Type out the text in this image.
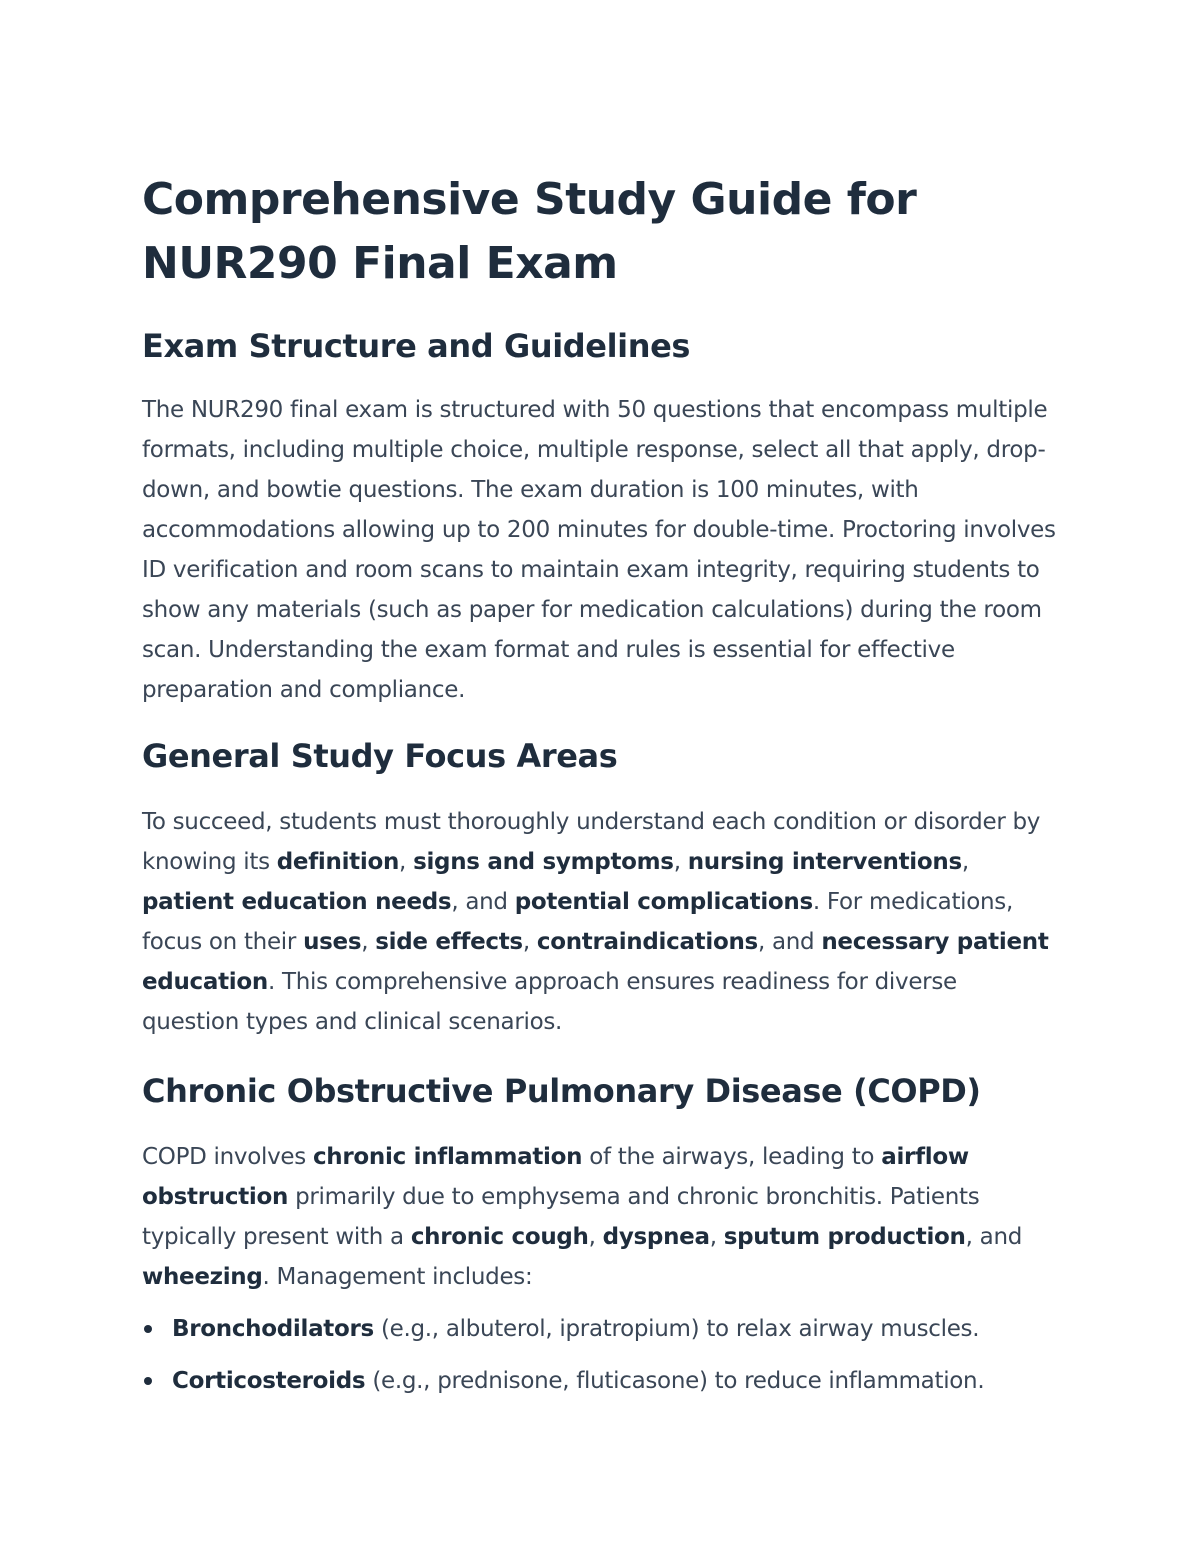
Comprehensive Study Guide for
NUR290 Final Exam
Exam Structure and Guidelines

The NUR290 final exam is structured with 50 questions that encompass multiple formats, including multiple choice, multiple response, select all that apply, drop-down, and bowtie questions. The exam duration is 100 minutes, with accommodations allowing up to 200 minutes for double-time. Proctoring involves ID verification and room scans to maintain exam integrity, requiring students to show any materials (such as paper for medication calculations) during the room scan. Understanding the exam format and rules is essential for effective preparation and compliance.

General Study Focus Areas

To succeed, students must thoroughly understand each condition or disorder by knowing its definition, signs and symptoms, nursing interventions, patient education needs, and potential complications. For medications, focus on their uses, side effects, contraindications, and necessary patient education. This comprehensive approach ensures readiness for diverse question types and clinical scenarios.

Chronic Obstructive Pulmonary Disease (COPD)

COPD involves chronic inflammation of the airways, leading to airflow obstruction primarily due to emphysema and chronic bronchitis. Patients typically present with a chronic cough, dyspnea, sputum production, and wheezing. Management includes:

Bronchodilators (e.g., albuterol, ipratropium) to relax airway muscles.
Corticosteroids (e.g., prednisone, fluticasone) to reduce inflammation.
